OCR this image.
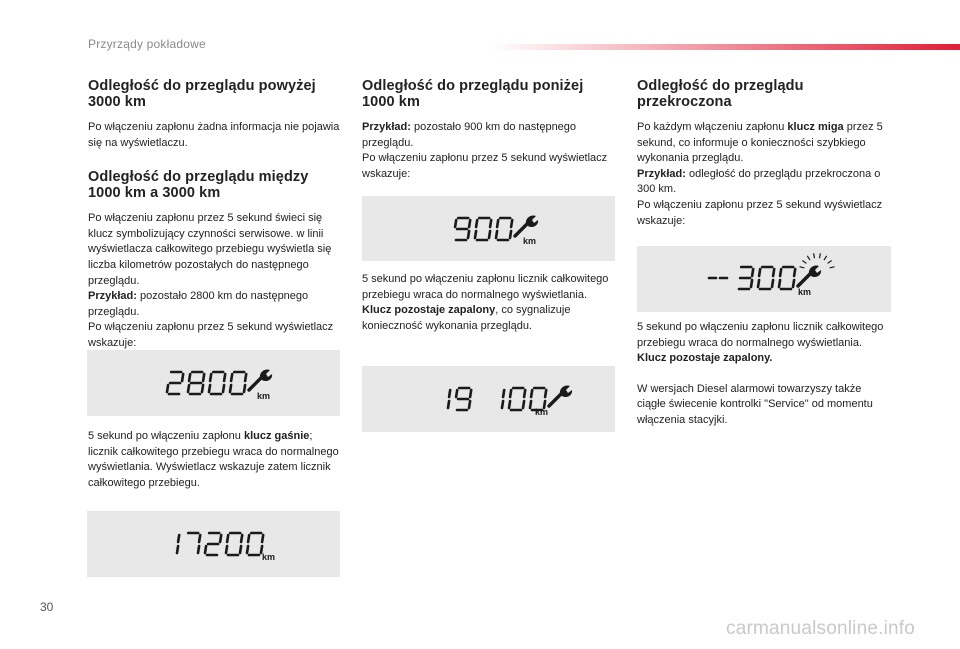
Przyrządy pokładowe
Odległość do przeglądu powyżej 3000 km

Po włączeniu zapłonu żadna informacja nie pojawia się na wyświetlaczu.

Odległość do przeglądu między 1000 km a 3000 km

Po włączeniu zapłonu przez 5 sekund świeci się klucz symbolizujący czynności serwisowe. w linii wyświetlacza całkowitego przebiegu wyświetla się liczba kilometrów pozostałych do następnego przeglądu.
Przykład: pozostało 2800 km do następnego przeglądu.
Po włączeniu zapłonu przez 5 sekund wyświetlacz wskazuje:

km

5 sekund po włączeniu zapłonu klucz gaśnie; licznik całkowitego przebiegu wraca do normalnego wyświetlania. Wyświetlacz wskazuje zatem licznik całkowitego przebiegu.

km
Odległość do przeglądu poniżej 1000 km

Przykład: pozostało 900 km do następnego przeglądu.
Po włączeniu zapłonu przez 5 sekund wyświetlacz wskazuje:

km

5 sekund po włączeniu zapłonu licznik całkowitego przebiegu wraca do normalnego wyświetlania. Klucz pozostaje zapalony, co sygnalizuje konieczność wykonania przeglądu.

km
Odległość do przeglądu przekroczona

Po każdym włączeniu zapłonu klucz miga przez 5 sekund, co informuje o konieczności szybkiego wykonania przeglądu.
Przykład: odległość do przeglądu przekroczona o 300 km.
Po włączeniu zapłonu przez 5 sekund wyświetlacz wskazuje:

km

5 sekund po włączeniu zapłonu licznik całkowitego przebiegu wraca do normalnego wyświetlania. Klucz pozostaje zapalony.

W wersjach Diesel alarmowi towarzyszy także ciągłe świecenie kontrolki "Service" od momentu włączenia stacyjki.

30
carmanualsonline.info
